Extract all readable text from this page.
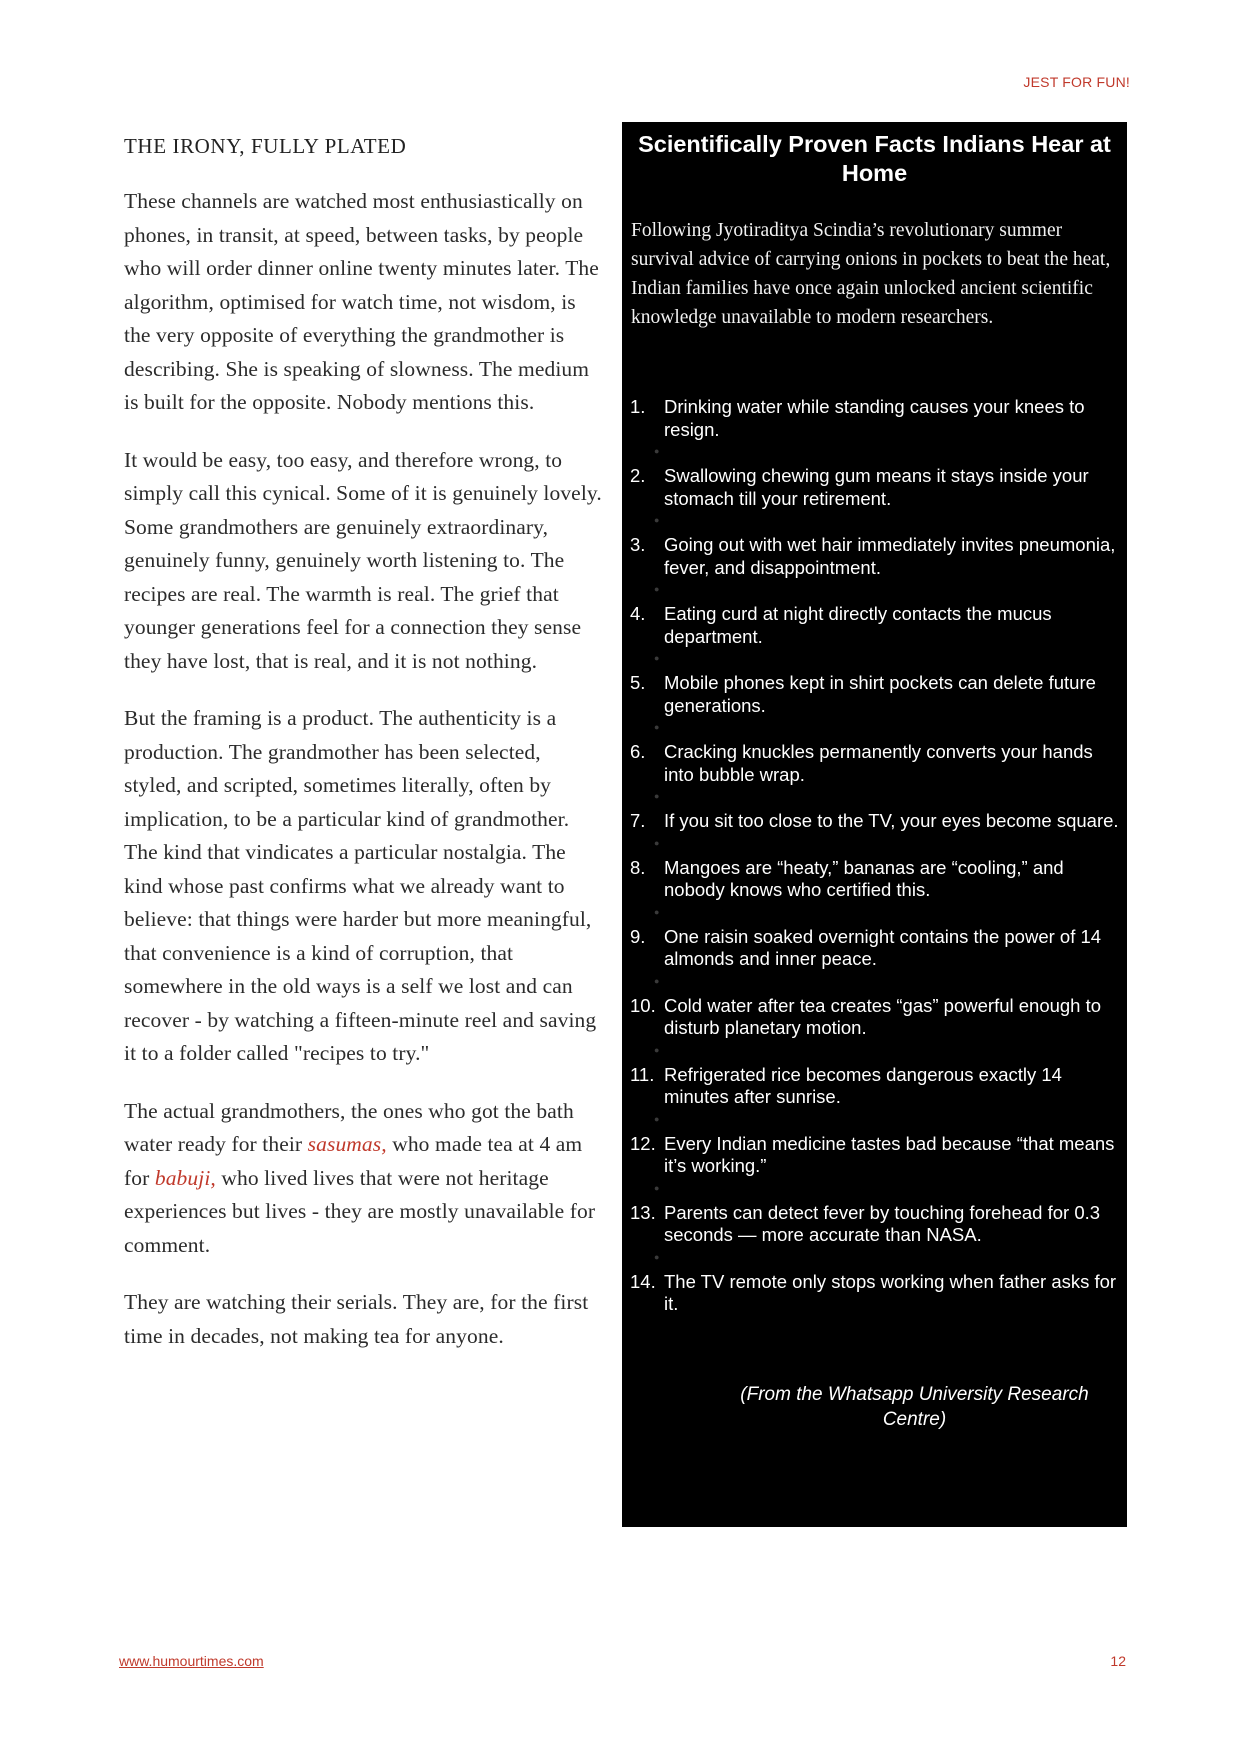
JEST FOR FUN!
THE IRONY, FULLY PLATED

These channels are watched most enthusiastically on phones, in transit, at speed, between tasks, by people who will order dinner online twenty minutes later. The algorithm, optimised for watch time, not wisdom, is the very opposite of everything the grandmother is describing. She is speaking of slowness. The medium is built for the opposite. Nobody mentions this.

It would be easy, too easy, and therefore wrong, to simply call this cynical. Some of it is genuinely lovely. Some grandmothers are genuinely extraordinary, genuinely funny, genuinely worth listening to. The recipes are real. The warmth is real. The grief that younger generations feel for a connection they sense they have lost, that is real, and it is not nothing.

But the framing is a product. The authenticity is a production. The grandmother has been selected, styled, and scripted, sometimes literally, often by implication, to be a particular kind of grandmother. The kind that vindicates a particular nostalgia. The kind whose past confirms what we already want to believe: that things were harder but more meaningful, that convenience is a kind of corruption, that somewhere in the old ways is a self we lost and can recover - by watching a fifteen-minute reel and saving it to a folder called "recipes to try."

The actual grandmothers, the ones who got the bath water ready for their sasumas, who made tea at 4 am for babuji, who lived lives that were not heritage experiences but lives - they are mostly unavailable for comment.

They are watching their serials. They are, for the first time in decades, not making tea for anyone.

Scientifically Proven Facts Indians Hear at Home
Following Jyotiraditya Scindia’s revolutionary summer survival advice of carrying onions in pockets to beat the heat, Indian families have once again unlocked ancient scientific knowledge unavailable to modern researchers.
1. Drinking water while standing causes your knees to resign.
●
2. Swallowing chewing gum means it stays inside your stomach till your retirement.
●
3. Going out with wet hair immediately invites pneumonia, fever, and disappointment.
●
4. Eating curd at night directly contacts the mucus department.
●
5. Mobile phones kept in shirt pockets can delete future generations.
●
6. Cracking knuckles permanently converts your hands into bubble wrap.
●
7. If you sit too close to the TV, your eyes become square.
●
8. Mangoes are “heaty,” bananas are “cooling,” and nobody knows who certified this.
●
9. One raisin soaked overnight contains the power of 14 almonds and inner peace.
●
10. Cold water after tea creates “gas” powerful enough to disturb planetary motion.
●
11. Refrigerated rice becomes dangerous exactly 14 minutes after sunrise.
●
12. Every Indian medicine tastes bad because “that means it’s working.”
●
13. Parents can detect fever by touching forehead for 0.3 seconds — more accurate than NASA.
●
14. The TV remote only stops working when father asks for it.
(From the Whatsapp University Research Centre)
www.humourtimes.com	12
